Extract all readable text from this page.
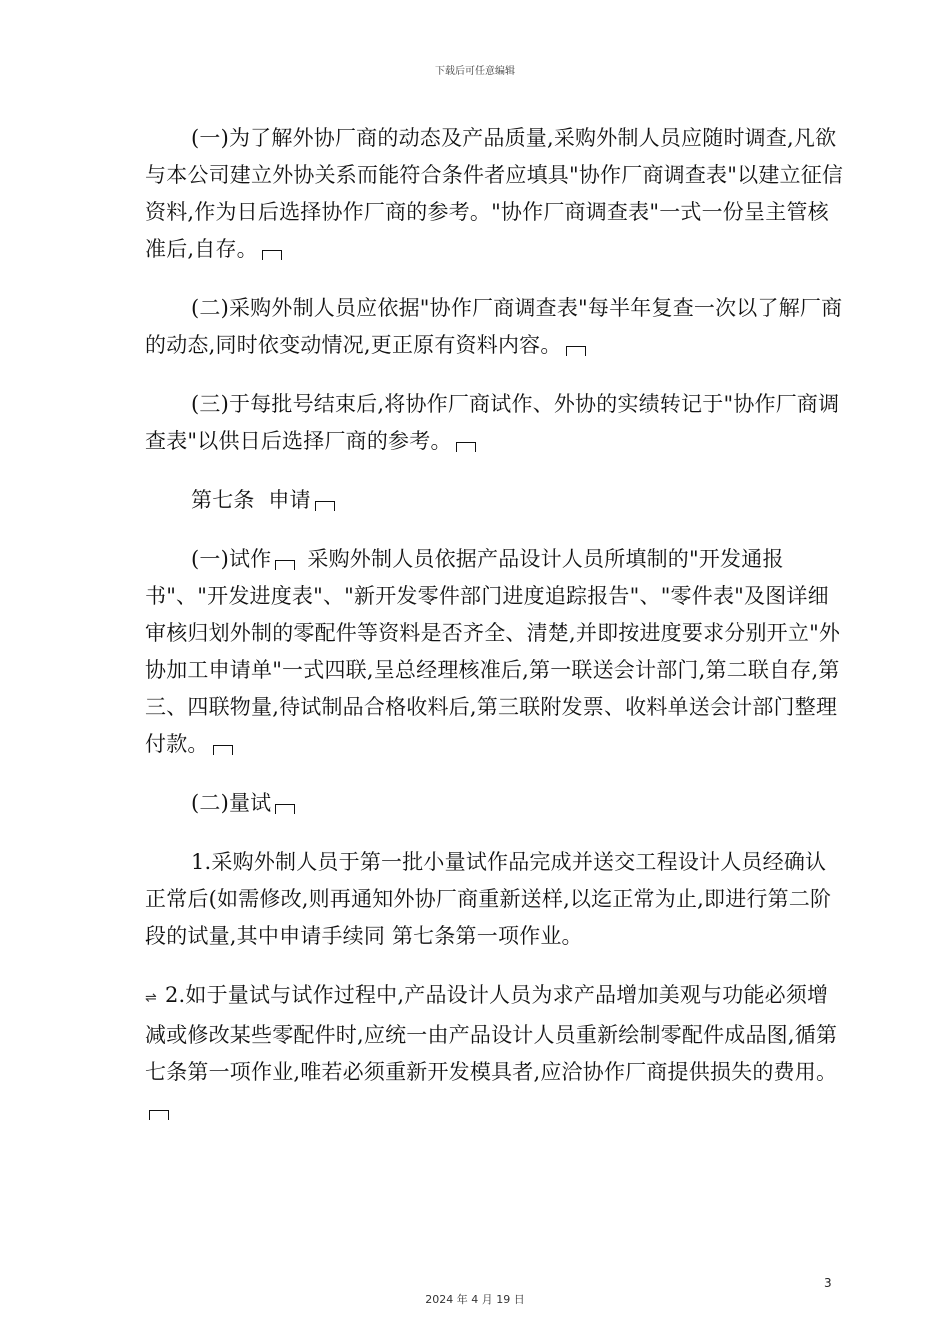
下载后可任意编辑

(一)为了解外协厂商的动态及产品质量,采购外制人员应随时调查,凡欲与本公司建立外协关系而能符合条件者应填具"协作厂商调查表"以建立征信资料,作为日后选择协作厂商的参考。"协作厂商调查表"一式一份呈主管核准后,自存。

(二)采购外制人员应依据"协作厂商调查表"每半年复查一次以了解厂商的动态,同时依变动情况,更正原有资料内容。

(三)于每批号结束后,将协作厂商试作、外协的实绩转记于"协作厂商调查表"以供日后选择厂商的参考。

第七条  申请

(一)试作 采购外制人员依据产品设计人员所填制的"开发通报书"、"开发进度表"、"新开发零件部门进度追踪报告"、"零件表"及图详细审核归划外制的零配件等资料是否齐全、清楚,并即按进度要求分别开立"外协加工申请单"一式四联,呈总经理核准后,第一联送会计部门,第二联自存,第三、四联物量,待试制品合格收料后,第三联附发票、收料单送会计部门整理付款。

(二)量试

1.采购外制人员于第一批小量试作品完成并送交工程设计人员经确认正常后(如需修改,则再通知外协厂商重新送样,以迄正常为止,即进行第二阶段的试量,其中申请手续同 第七条第一项作业。

⇌ 2.如于量试与试作过程中,产品设计人员为求产品增加美观与功能必须增减或修改某些零配件时,应统一由产品设计人员重新绘制零配件成品图,循第七条第一项作业,唯若必须重新开发模具者,应洽协作厂商提供损失的费用。

3
2024 年 4 月 19 日
